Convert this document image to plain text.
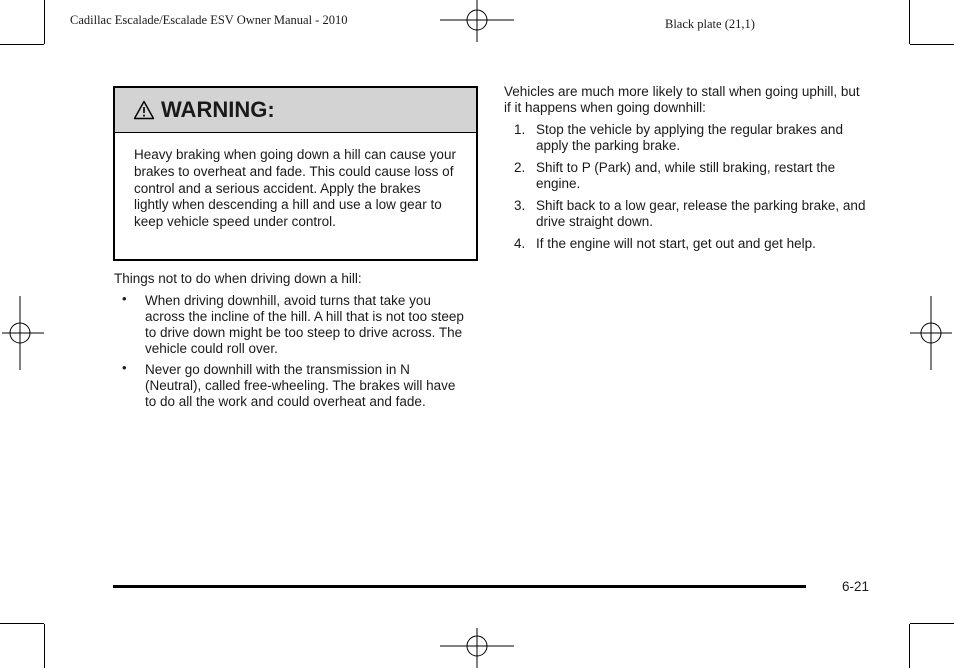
Cadillac Escalade/Escalade ESV Owner Manual - 2010	Black plate (21,1)
WARNING:
Heavy braking when going down a hill can cause your brakes to overheat and fade. This could cause loss of control and a serious accident. Apply the brakes lightly when descending a hill and use a low gear to keep vehicle speed under control.
Things not to do when driving down a hill:
• When driving downhill, avoid turns that take you across the incline of the hill. A hill that is not too steep to drive down might be too steep to drive across. The vehicle could roll over.
• Never go downhill with the transmission in N (Neutral), called free-wheeling. The brakes will have to do all the work and could overheat and fade.
Vehicles are much more likely to stall when going uphill, but if it happens when going downhill:
1. Stop the vehicle by applying the regular brakes and apply the parking brake.
2. Shift to P (Park) and, while still braking, restart the engine.
3. Shift back to a low gear, release the parking brake, and drive straight down.
4. If the engine will not start, get out and get help.
6-21
